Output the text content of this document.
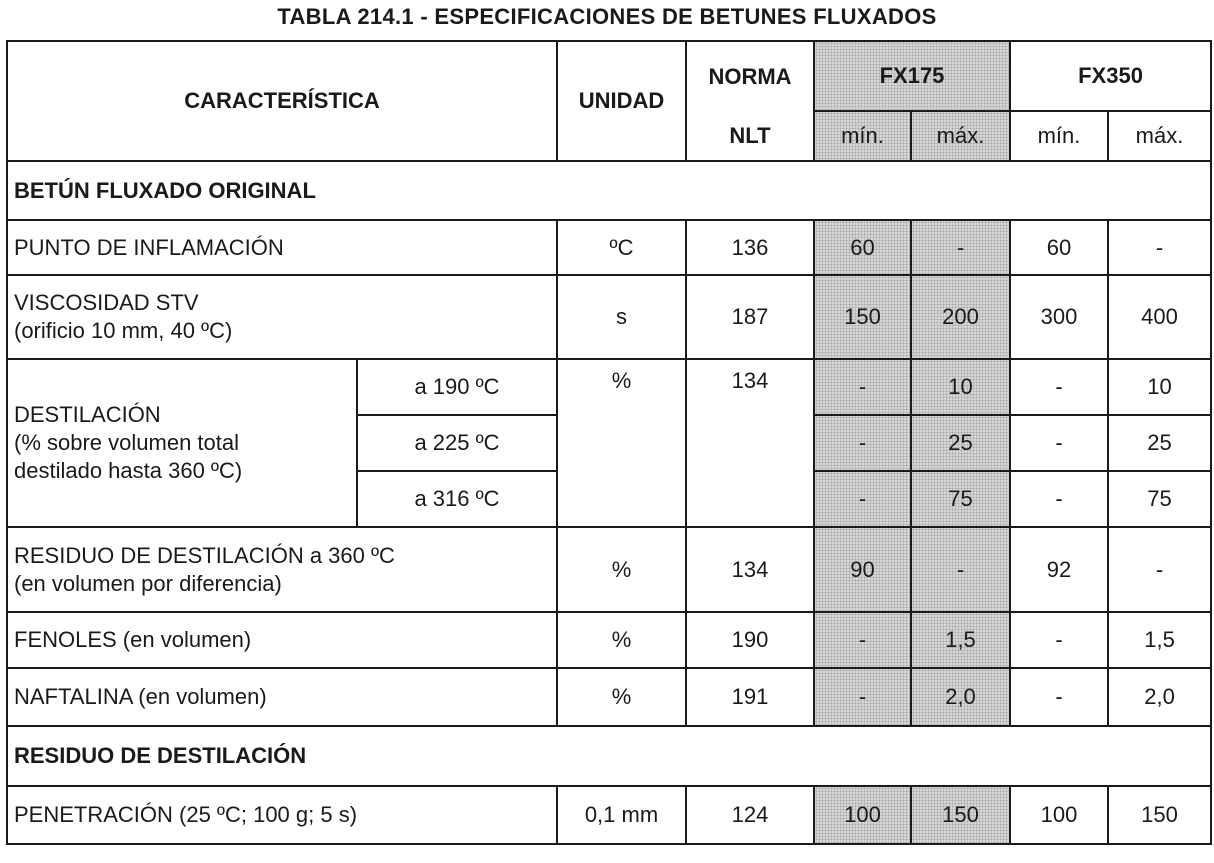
TABLA 214.1 - ESPECIFICACIONES DE BETUNES FLUXADOS
CARACTERÍSTICA		UNIDAD	NORMA	FX175		FX350	
			NLT	mín.	máx.	mín.	máx.
BETÚN FLUXADO ORIGINAL							
PUNTO DE INFLAMACIÓN		ºC	136	60	-	60	-

VISCOSIDAD STV
(orificio 10 mm, 40 ºC)		s	187	150	200	300	400

DESTILACIÓN
(% sobre volumen total
destilado hasta 360 ºC)	a 190 ºC	%	134	-	10	-	10
	a 225 ºC			-	25	-	25
	a 316 ºC			-	75	-	75

RESIDUO DE DESTILACIÓN a 360 ºC
(en volumen por diferencia)		%	134	90	-	92	-
FENOLES (en volumen)		%	190	-	1,5	-	1,5
NAFTALINA (en volumen)		%	191	-	2,0	-	2,0
RESIDUO DE DESTILACIÓN							
PENETRACIÓN (25 ºC; 100 g; 5 s)		0,1 mm	124	100	150	100	150
